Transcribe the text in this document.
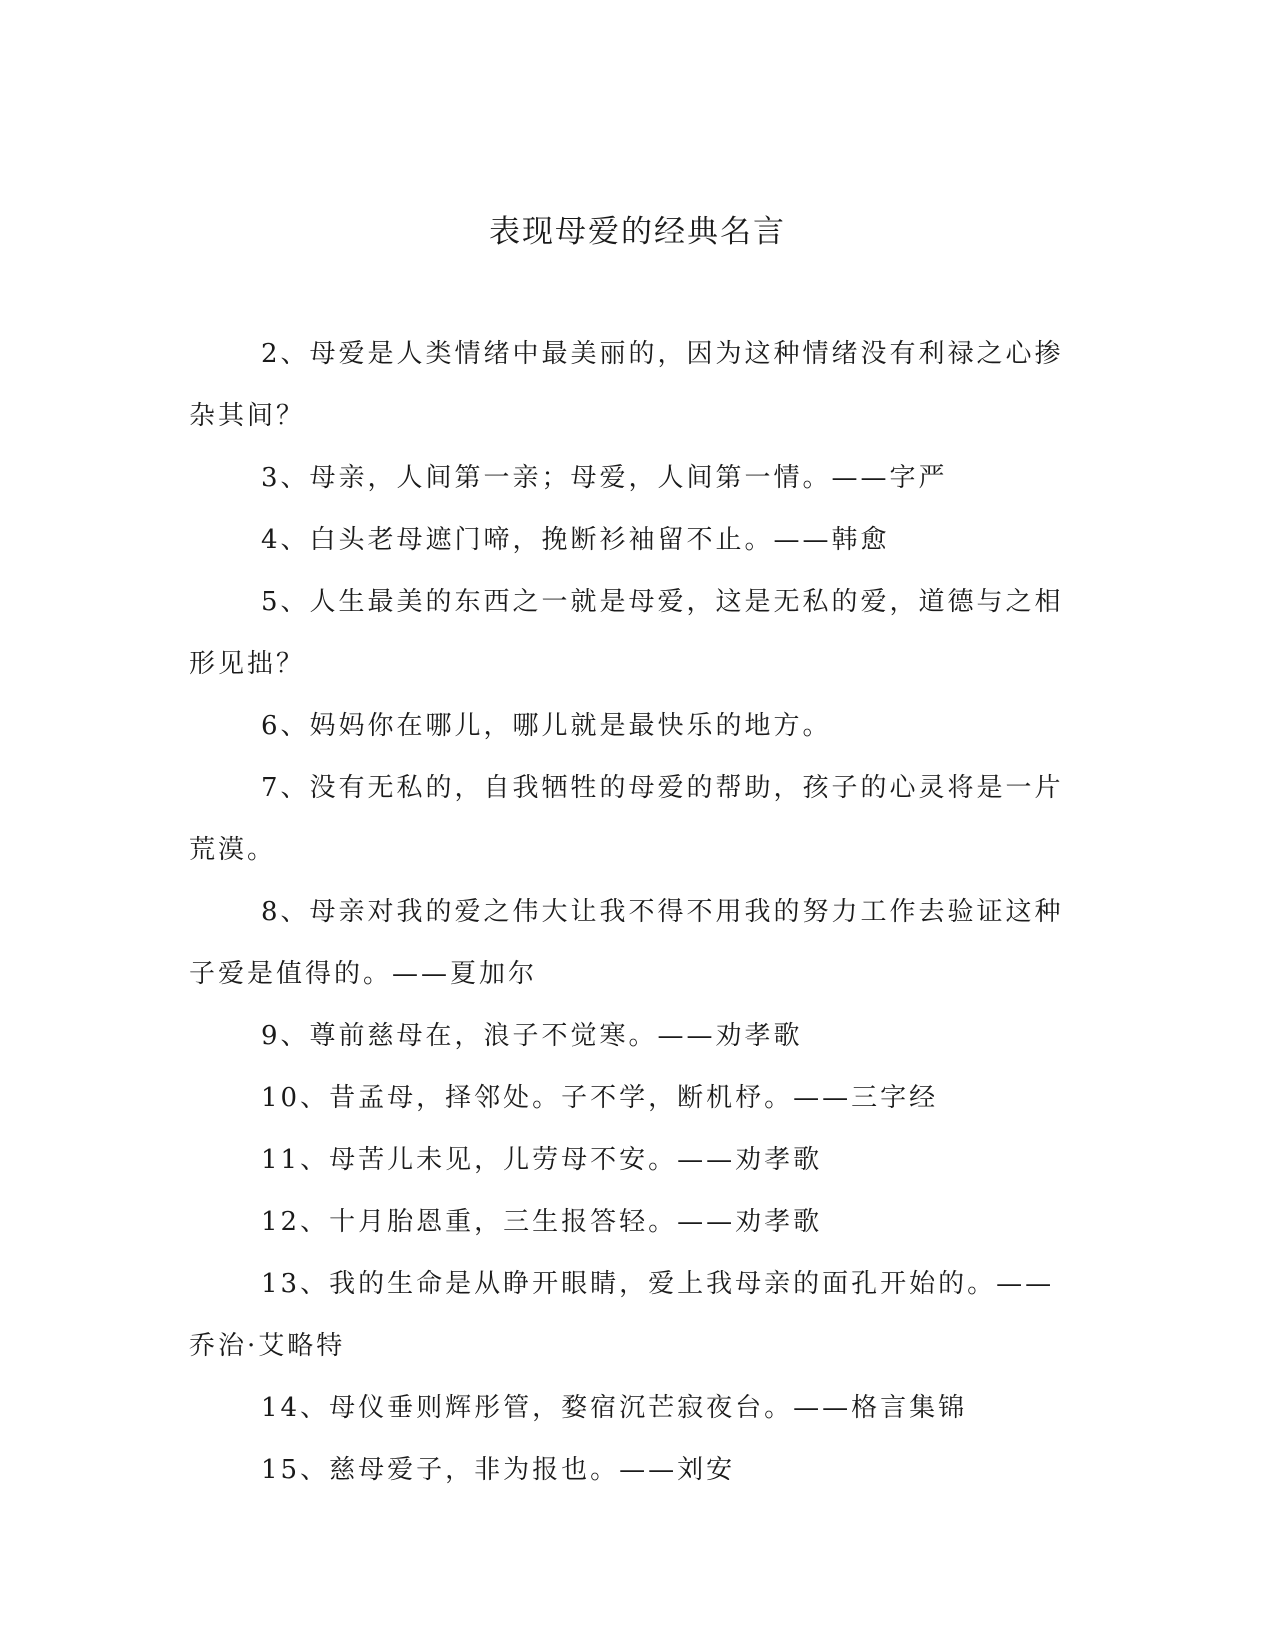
表现母爱的经典名言

2、母爱是人类情绪中最美丽的，因为这种情绪没有利禄之心掺杂其间？

3、母亲，人间第一亲；母爱，人间第一情。——字严

4、白头老母遮门啼，挽断衫袖留不止。——韩愈

5、人生最美的东西之一就是母爱，这是无私的爱，道德与之相形见拙？

6、妈妈你在哪儿，哪儿就是最快乐的地方。

7、没有无私的，自我牺牲的母爱的帮助，孩子的心灵将是一片荒漠。

8、母亲对我的爱之伟大让我不得不用我的努力工作去验证这种子爱是值得的。——夏加尔

9、尊前慈母在，浪子不觉寒。——劝孝歌

10、昔孟母，择邻处。子不学，断机杼。——三字经

11、母苦儿未见，儿劳母不安。——劝孝歌

12、十月胎恩重，三生报答轻。——劝孝歌

13、我的生命是从睁开眼睛，爱上我母亲的面孔开始的。——乔治·艾略特

14、母仪垂则辉彤管，婺宿沉芒寂夜台。——格言集锦

15、慈母爱子，非为报也。——刘安
